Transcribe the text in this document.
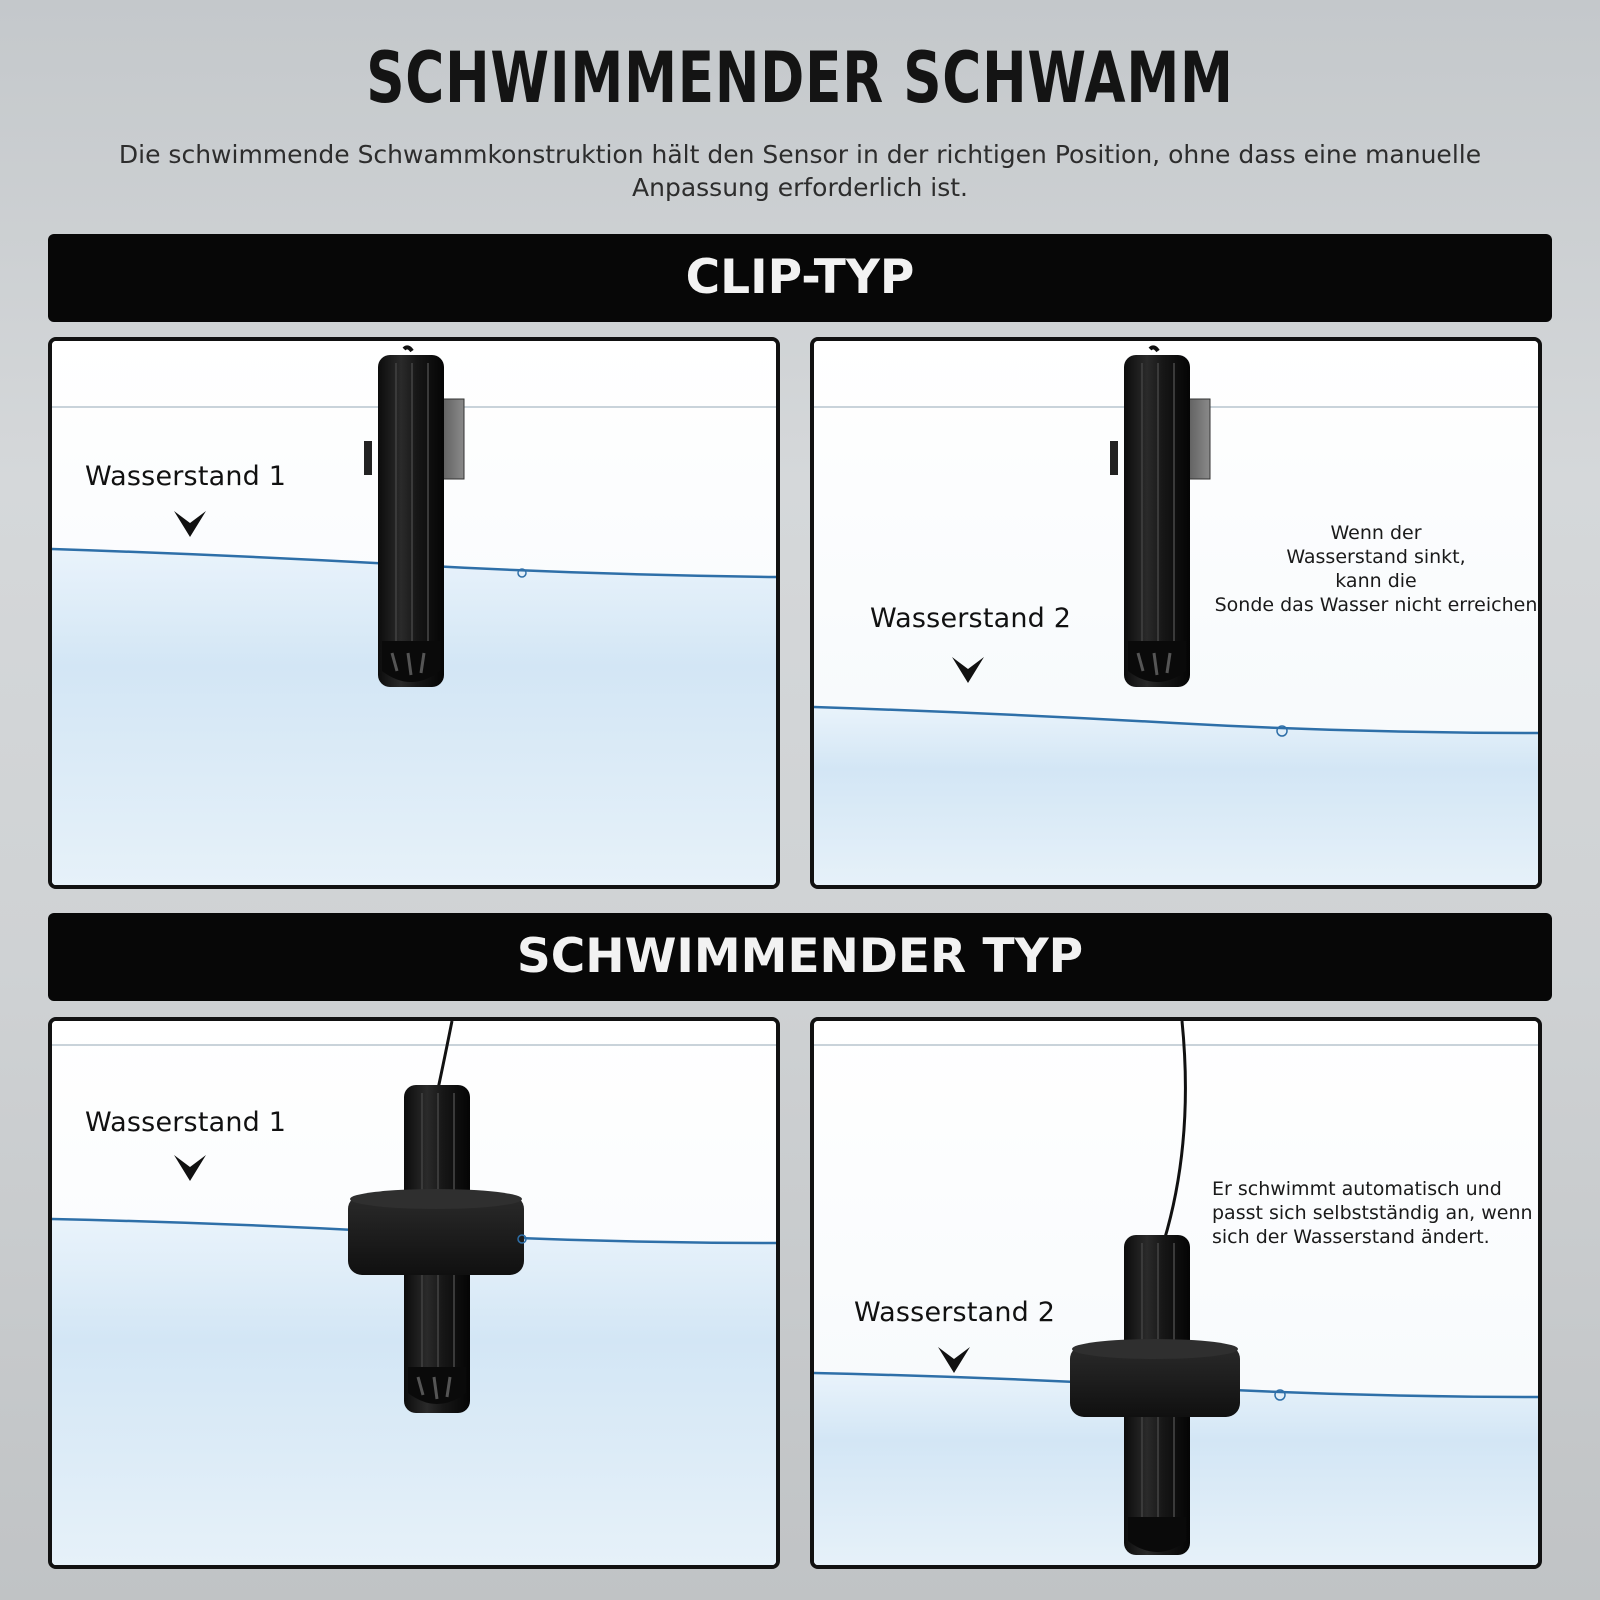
SCHWIMMENDER SCHWAMM
Die schwimmende Schwammkonstruktion hält den Sensor in der richtigen Position, ohne dass eine manuelle
Anpassung erforderlich ist.
CLIP-TYP
Wasserstand 1
Wenn der
Wasserstand sinkt,
kann die
Sonde das Wasser nicht erreichen
Wasserstand 2
SCHWIMMENDER TYP
Wasserstand 1
Er schwimmt automatisch und
passt sich selbstständig an, wenn
sich der Wasserstand ändert.
Wasserstand 2
